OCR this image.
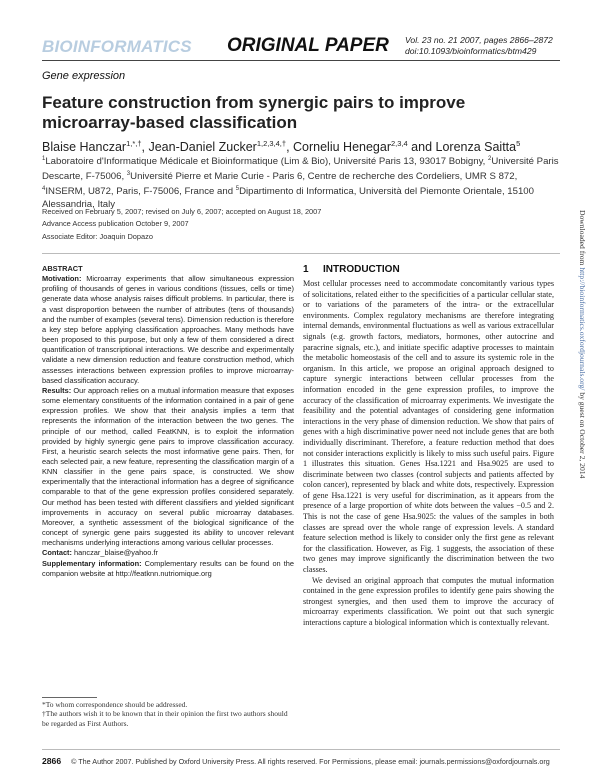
BIOINFORMATICS ORIGINAL PAPER Vol. 23 no. 21 2007, pages 2866–2872
doi:10.1093/bioinformatics/btm429
Gene expression
Feature construction from synergic pairs to improve microarray-based classification
Blaise Hanczar$^{1,*,\dagger}$, Jean-Daniel Zucker$^{1,2,3,4,\dagger}$, Corneliu Henegar$^{2,3,4}$ and Lorenza Saitta$^5$
$^1$Laboratoire d'Informatique Médicale et Bioinformatique (Lim & Bio), Université Paris 13, 93017 Bobigny, $^2$Université Paris Descarte, F-75006, $^3$Université Pierre et Marie Curie - Paris 6, Centre de recherche des Cordeliers, UMR S 872, $^4$INSERM, U872, Paris, F-75006, France and $^5$Dipartimento di Informatica, Università del Piemonte Orientale, 15100 Alessandria, Italy
Received on February 5, 2007; revised on July 6, 2007; accepted on August 18, 2007
Advance Access publication October 9, 2007
Associate Editor: Joaquin Dopazo

ABSTRACT

Motivation: Microarray experiments that allow simultaneous expression profiling of thousands of genes in various conditions (tissues, cells or time) generate data whose analysis raises difficult problems. In particular, there is a vast disproportion between the number of attributes (tens of thousands) and the number of examples (several tens). Dimension reduction is therefore a key step before applying classification approaches. Many methods have been proposed to this purpose, but only a few of them considered a direct quantification of transcriptional interactions. We describe and experimentally validate a new dimension reduction and feature construction method, which assesses interactions between expression profiles to improve microarray-based classification accuracy.

Results: Our approach relies on a mutual information measure that exposes some elementary constituents of the information contained in a pair of gene expression profiles. We show that their analysis implies a term that represents the information of the interaction between the two genes. The principle of our method, called FeatKNN, is to exploit the information provided by highly synergic gene pairs to improve classification accuracy. First, a heuristic search selects the most informative gene pairs. Then, for each selected pair, a new feature, representing the classification margin of a KNN classifier in the gene pairs space, is constructed. We show experimentally that the interactional information has a degree of significance comparable to that of the gene expression profiles considered separately. Our method has been tested with different classifiers and yielded significant improvements in accuracy on several public microarray databases. Moreover, a synthetic assessment of the biological significance of the concept of synergic gene pairs suggested its ability to uncover relevant mechanisms underlying interactions among various cellular processes.

Contact: hanczar_blaise@yahoo.fr

Supplementary information: Complementary results can be found on the companion website at http://featknn.nutriomique.org

*To whom correspondence should be addressed.

†The authors wish it to be known that in their opinion the first two authors should be regarded as First Authors.

1 INTRODUCTION

Most cellular processes need to accommodate concomitantly various types of solicitations, related either to the specificities of a particular cellular state, or to variations of the parameters of the intra- or the extracellular environments. Complex regulatory mechanisms are therefore integrating internal demands, environmental fluctuations as well as various extracellular signals (e.g. growth factors, mediators, hormones, other autocrine and paracrine signals, etc.), and initiate specific adaptive processes to maintain the metabolic homeostasis of the cell and to assure its systemic role in the organism. In this article, we propose an original approach designed to capture synergic interactions between cellular processes from the information encoded in the gene expression profiles, to improve the accuracy of the classification of microarray experiments. We investigate the feasibility and the potential advantages of considering gene information interactions in the very phase of dimension reduction. We show that pairs of genes with a high discriminative power need not include genes that are both individually discriminant. Therefore, a feature reduction method that does not consider interactions explicitly is likely to miss such useful pairs. Figure 1 illustrates this situation. Genes Hsa.1221 and Hsa.9025 are used to discriminate between two classes (control subjects and patients affected by colon cancer), represented by black and white dots, respectively. Expression of gene Hsa.1221 is very useful for discrimination, as it appears from the presence of a large proportion of white dots between the values −0.5 and 2. This is not the case of gene Hsa.9025: the values of the samples in both classes are spread over the whole range of expression levels. A standard feature selection method is likely to consider only the first gene as relevant for the classification. However, as Fig. 1 suggests, the association of these two genes may improve significantly the discrimination between the two classes.

We devised an original approach that computes the mutual information contained in the gene expression profiles to identify gene pairs showing the strongest synergies, and then used them to improve the accuracy of microarray experiments classification. We point out that such synergic interactions capture a biological information which is contextually relevant.

Downloaded from http://bioinformatics.oxfordjournals.org/ by guest on October 2, 2014
2866 © The Author 2007. Published by Oxford University Press. All rights reserved. For Permissions, please email: journals.permissions@oxfordjournals.org
